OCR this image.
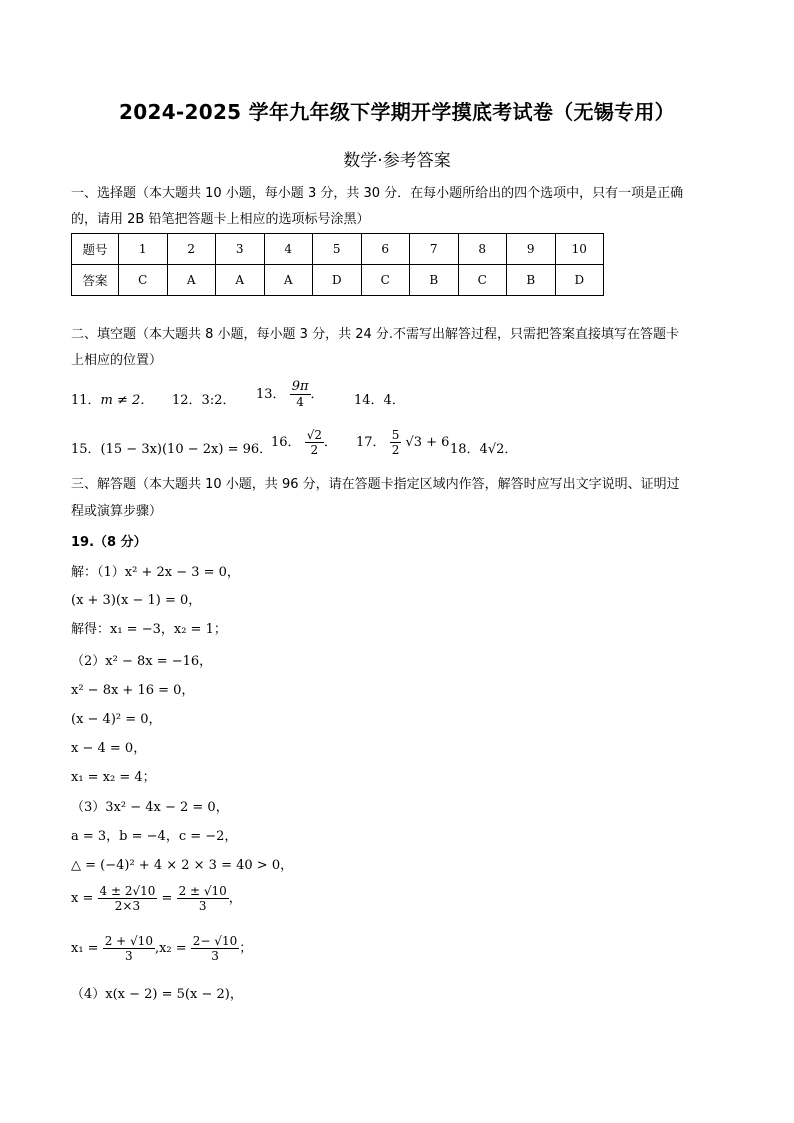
2024-2025 学年九年级下学期开学摸底考试卷（无锡专用）
数学·参考答案
一、选择题（本大题共 10 小题，每小题 3 分，共 30 分．在每小题所给出的四个选项中，只有一项是正确
的，请用 2B 铅笔把答题卡上相应的选项标号涂黑）
题号	1	2	3	4	5	6	7	8	9	10
答案	C	A	A	A	D	C	B	C	B	D
二、填空题（本大题共 8 小题，每小题 3 分，共 24 分.不需写出解答过程，只需把答案直接填写在答题卡
上相应的位置）
11．m ≠ 2． 12．3:2． 13． $\frac{9\pi}{4}$ ． 14．4．
15．(15 − 3x)(10 − 2x) = 96．
16． $\frac{√2}{2}$ ． 17． $\frac{5}{2} √3 + 6$ 18．4√2．
三、解答题（本大题共 10 小题，共 96 分，请在答题卡指定区域内作答，解答时应写出文字说明、证明过
程或演算步骤）
19.（8 分）
解：（1）x² + 2x − 3 = 0，
(x + 3)(x − 1) = 0，
解得：x₁ = −3，x₂ = 1；
（2）x² − 8x = −16，
x² − 8x + 16 = 0，
(x − 4)² = 0，
x − 4 = 0，
x₁ = x₂ = 4；
（3）3x² − 4x − 2 = 0，
a = 3，b = −4，c = −2，
△ = (−4)² + 4 × 2 × 3 = 40 > 0，
$x = \frac{4 \pm 2√10}{2\times 3} = \frac{2 \pm √10}{3}$ ，
$x_1 = \frac{2 + √10}{3} ,x_2 = \frac{2- √10}{3}$ ；
（4）x(x − 2) = 5(x − 2)，
